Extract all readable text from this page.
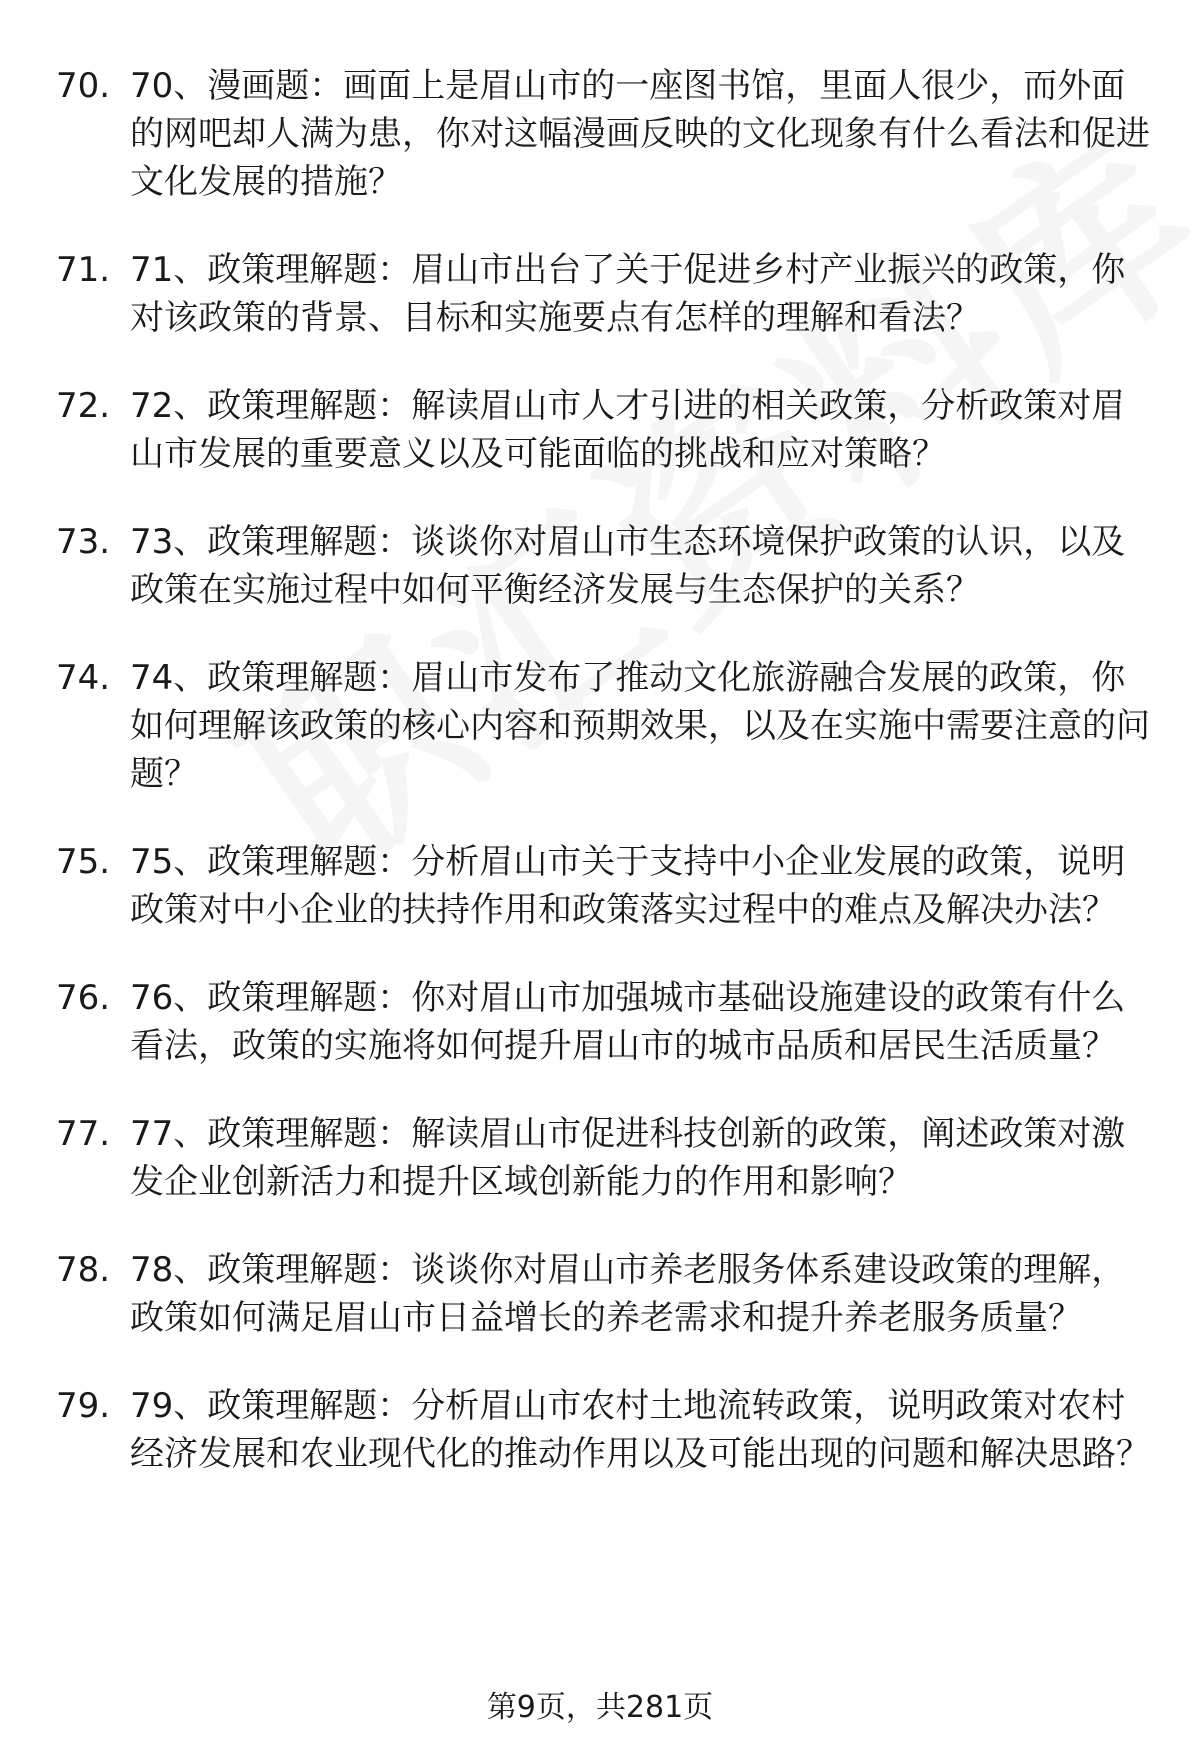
70. 70、漫画题：画面上是眉山市的一座图书馆，里面人很少，而外面的网吧却人满为患，你对这幅漫画反映的文化现象有什么看法和促进文化发展的措施？
71. 71、政策理解题：眉山市出台了关于促进乡村产业振兴的政策，你对该政策的背景、目标和实施要点有怎样的理解和看法？
72. 72、政策理解题：解读眉山市人才引进的相关政策，分析政策对眉山市发展的重要意义以及可能面临的挑战和应对策略？
73. 73、政策理解题：谈谈你对眉山市生态环境保护政策的认识，以及政策在实施过程中如何平衡经济发展与生态保护的关系？
74. 74、政策理解题：眉山市发布了推动文化旅游融合发展的政策，你如何理解该政策的核心内容和预期效果，以及在实施中需要注意的问题？
75. 75、政策理解题：分析眉山市关于支持中小企业发展的政策，说明政策对中小企业的扶持作用和政策落实过程中的难点及解决办法？
76. 76、政策理解题：你对眉山市加强城市基础设施建设的政策有什么看法，政策的实施将如何提升眉山市的城市品质和居民生活质量？
77. 77、政策理解题：解读眉山市促进科技创新的政策，阐述政策对激发企业创新活力和提升区域创新能力的作用和影响？
78. 78、政策理解题：谈谈你对眉山市养老服务体系建设政策的理解，政策如何满足眉山市日益增长的养老需求和提升养老服务质量？
79. 79、政策理解题：分析眉山市农村土地流转政策，说明政策对农村经济发展和农业现代化的推动作用以及可能出现的问题和解决思路？
第9页，共281页
